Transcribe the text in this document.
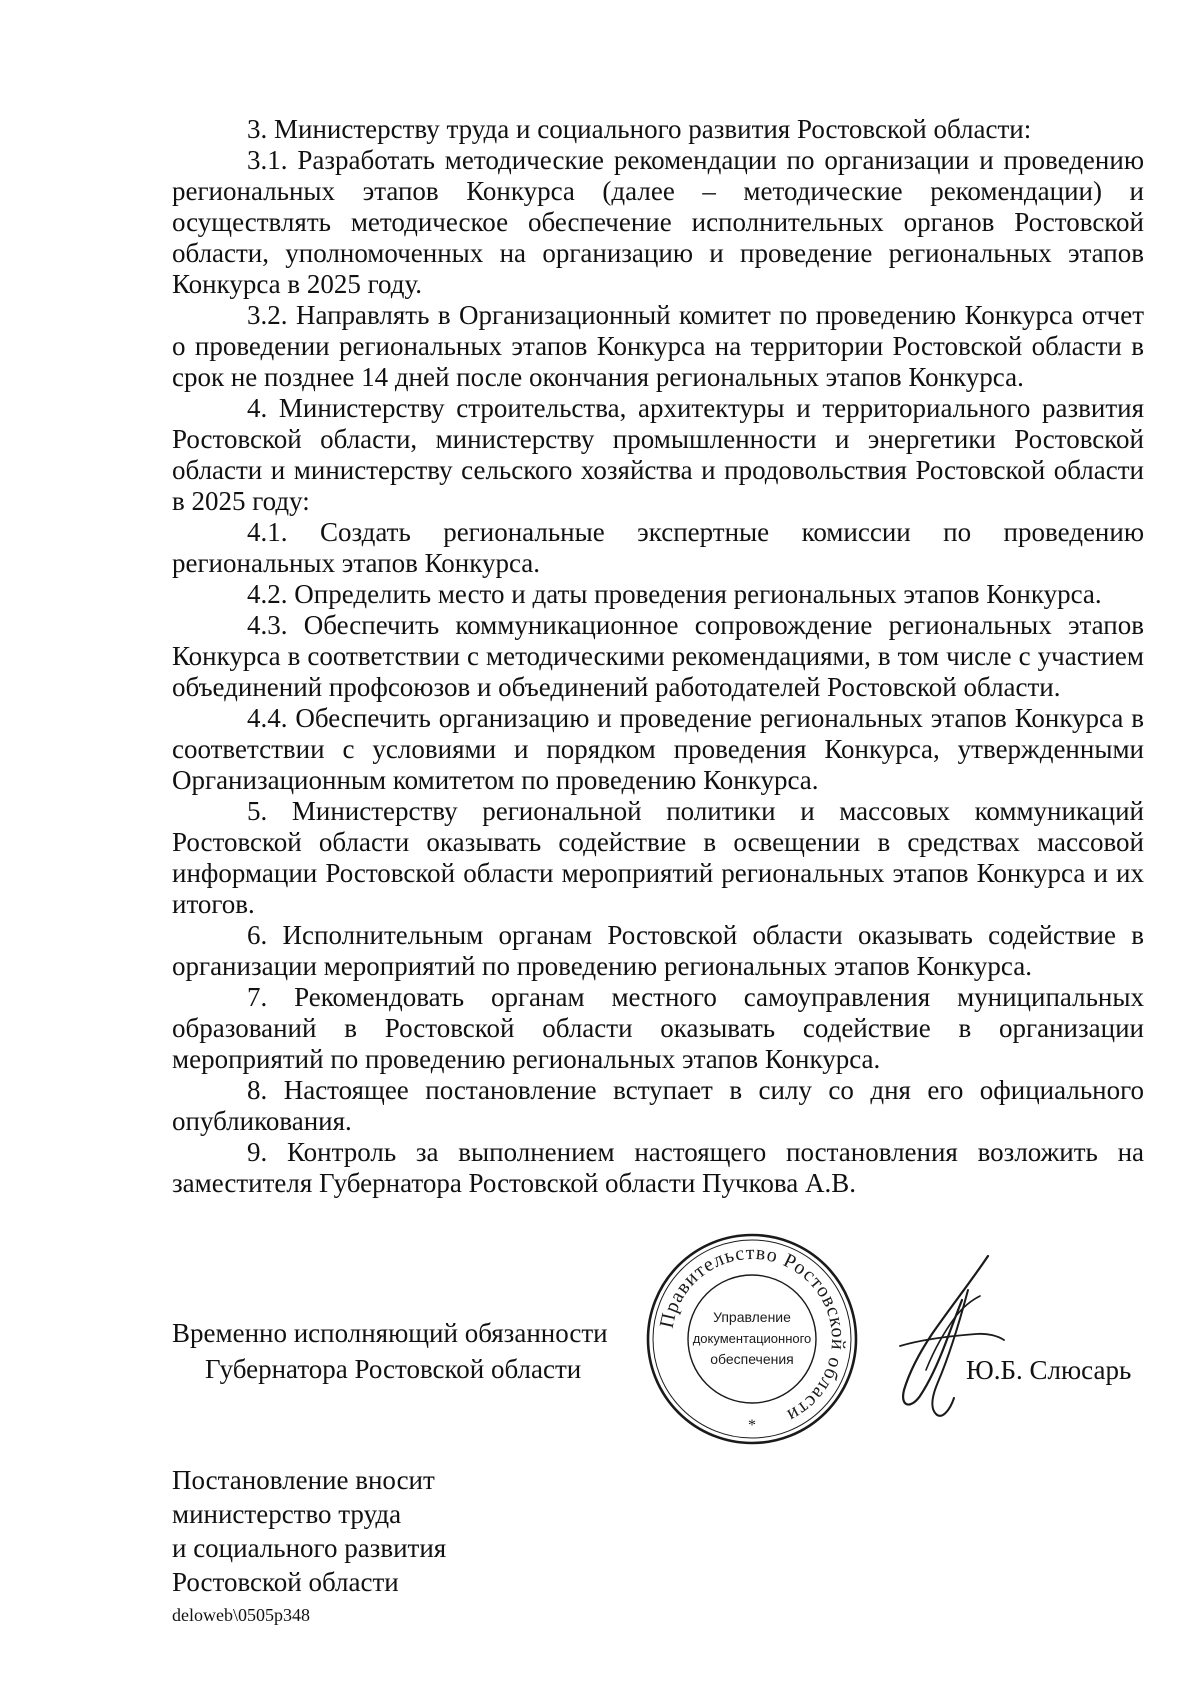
3. Министерству труда и социального развития Ростовской области:

3.1. Разработать методические рекомендации по организации и проведению региональных этапов Конкурса (далее – методические рекомендации) и осуществлять методическое обеспечение исполнительных органов Ростовской области, уполномоченных на организацию и проведение региональных этапов Конкурса в 2025 году.

3.2. Направлять в Организационный комитет по проведению Конкурса отчет о проведении региональных этапов Конкурса на территории Ростовской области в срок не позднее 14 дней после окончания региональных этапов Конкурса.

4. Министерству строительства, архитектуры и территориального развития Ростовской области, министерству промышленности и энергетики Ростовской области и министерству сельского хозяйства и продовольствия Ростовской области в 2025 году:

4.1. Создать региональные экспертные комиссии по проведению региональных этапов Конкурса.

4.2. Определить место и даты проведения региональных этапов Конкурса.

4.3. Обеспечить коммуникационное сопровождение региональных этапов Конкурса в соответствии с методическими рекомендациями, в том числе с участием объединений профсоюзов и объединений работодателей Ростовской области.

4.4. Обеспечить организацию и проведение региональных этапов Конкурса в соответствии с условиями и порядком проведения Конкурса, утвержденными Организационным комитетом по проведению Конкурса.

5. Министерству региональной политики и массовых коммуникаций Ростовской области оказывать содействие в освещении в средствах массовой информации Ростовской области мероприятий региональных этапов Конкурса и их итогов.

6. Исполнительным органам Ростовской области оказывать содействие в организации мероприятий по проведению региональных этапов Конкурса.

7. Рекомендовать органам местного самоуправления муниципальных образований в Ростовской области оказывать содействие в организации мероприятий по проведению региональных этапов Конкурса.

8. Настоящее постановление вступает в силу со дня его официального опубликования.

9. Контроль за выполнением настоящего постановления возложить на заместителя Губернатора Ростовской области Пучкова А.В.

Временно исполняющий обязанности
Губернатора Ростовской области
Правительство Ростовской области
Управление
документационного
обеспечения
*
Ю.Б. Слюсарь
Постановление вносит
министерство труда
и социального развития
Ростовской области
deloweb\0505p348
